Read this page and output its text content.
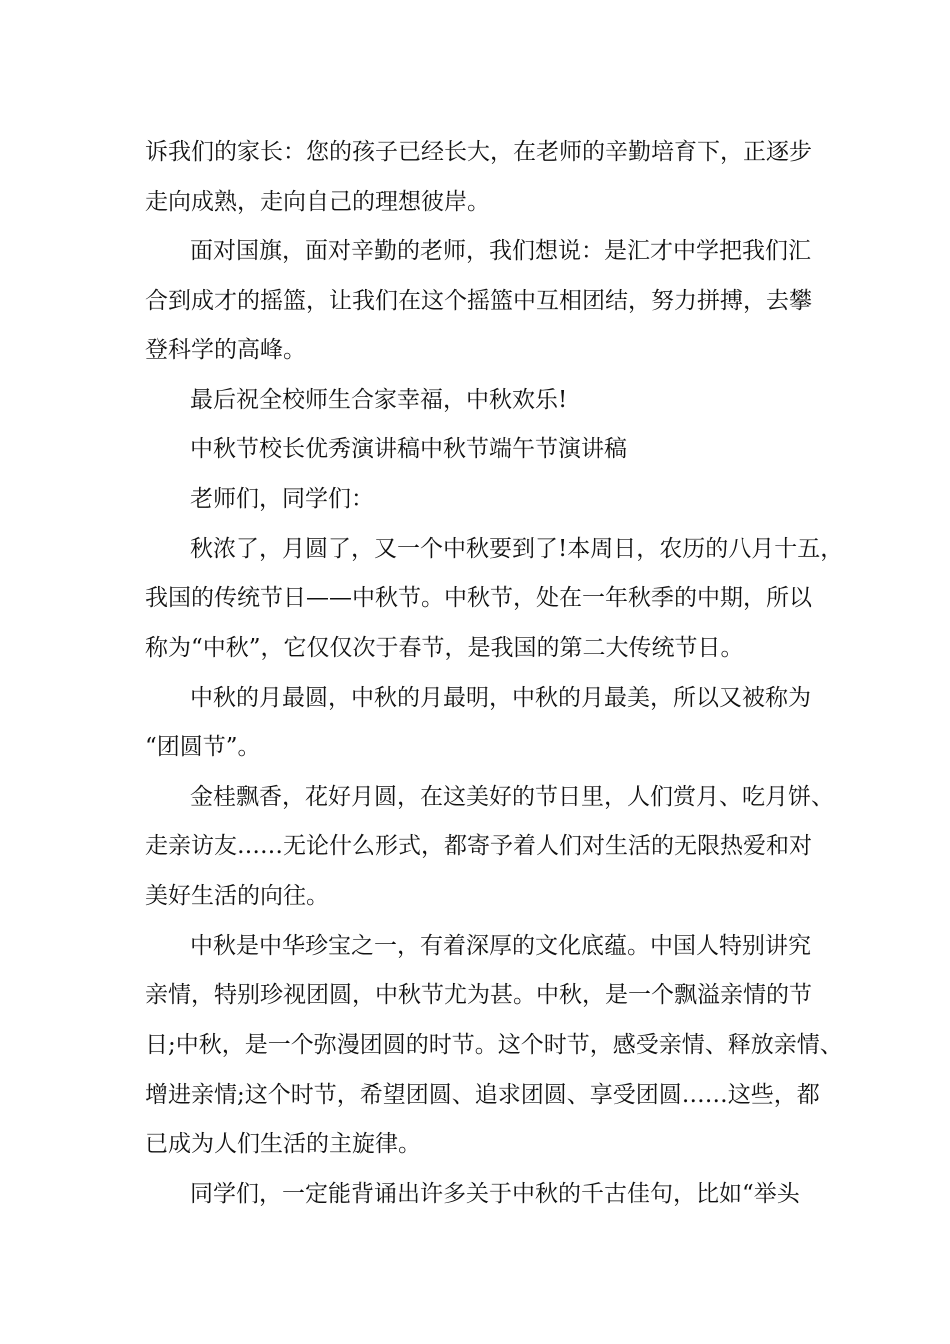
诉我们的家长：您的孩子已经长大，在老师的辛勤培育下，正逐步
走向成熟，走向自己的理想彼岸。
面对国旗，面对辛勤的老师，我们想说：是汇才中学把我们汇
合到成才的摇篮，让我们在这个摇篮中互相团结，努力拼搏，去攀
登科学的高峰。
最后祝全校师生合家幸福，中秋欢乐!
中秋节校长优秀演讲稿中秋节端午节演讲稿
老师们，同学们：
秋浓了，月圆了，又一个中秋要到了!本周日，农历的八月十五，
我国的传统节日——中秋节。中秋节，处在一年秋季的中期，所以
称为“中秋”，它仅仅次于春节，是我国的第二大传统节日。
中秋的月最圆，中秋的月最明，中秋的月最美，所以又被称为
“团圆节”。
金桂飘香，花好月圆，在这美好的节日里，人们赏月、吃月饼、
走亲访友……无论什么形式，都寄予着人们对生活的无限热爱和对
美好生活的向往。
中秋是中华珍宝之一，有着深厚的文化底蕴。中国人特别讲究
亲情，特别珍视团圆，中秋节尤为甚。中秋，是一个飘溢亲情的节
日;中秋，是一个弥漫团圆的时节。这个时节，感受亲情、释放亲情、
增进亲情;这个时节，希望团圆、追求团圆、享受团圆……这些，都
已成为人们生活的主旋律。
同学们，一定能背诵出许多关于中秋的千古佳句，比如“举头
